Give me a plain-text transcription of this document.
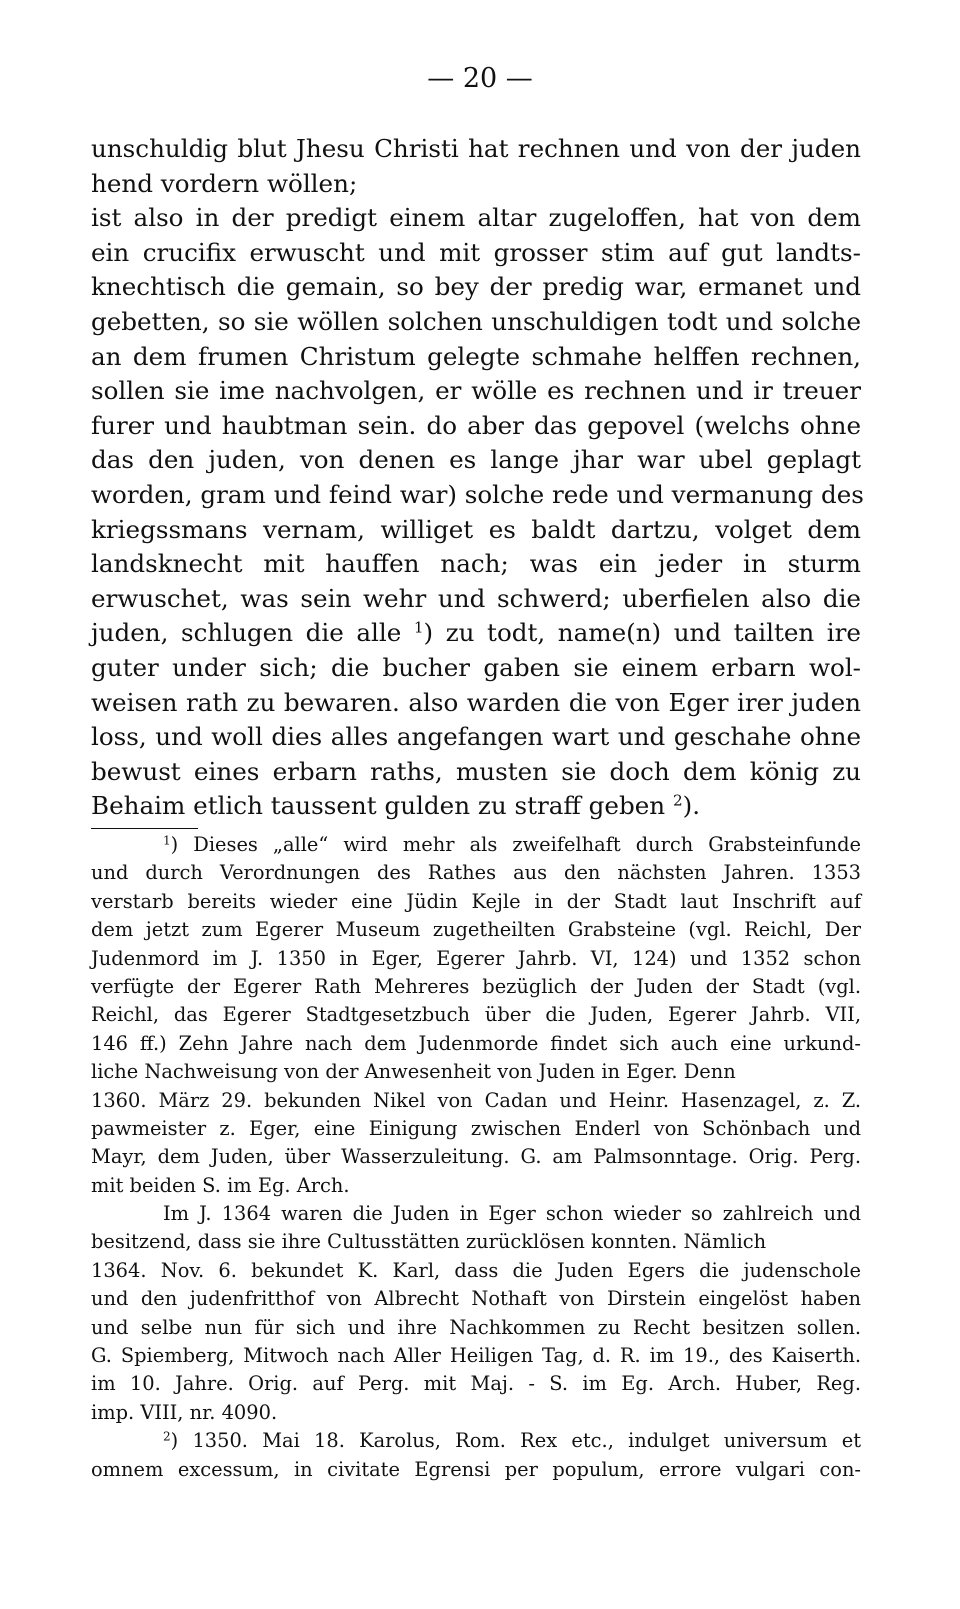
— 20 —
unschuldig blut Jhesu Christi hat rechnen und von der juden
hend vordern wöllen;
ist also in der predigt einem altar zugeloffen, hat von dem
ein crucifix erwuscht und mit grosser stim auf gut landts-
knechtisch die gemain, so bey der predig war, ermanet und
gebetten, so sie wöllen solchen unschuldigen todt und solche
an dem frumen Christum gelegte schmahe helffen rechnen,
sollen sie ime nachvolgen, er wölle es rechnen und ir treuer
furer und haubtman sein. do aber das gepovel (welchs ohne
das den juden, von denen es lange jhar war ubel geplagt
worden, gram und feind war) solche rede und vermanung des
kriegssmans vernam, williget es baldt dartzu, volget dem
landsknecht mit hauffen nach; was ein jeder in sturm
erwuschet, was sein wehr und schwerd; uberfielen also die
juden, schlugen die alle $^1$) zu todt, name(n) und tailten ire
guter under sich; die bucher gaben sie einem erbarn wol-
weisen rath zu bewaren. also warden die von Eger irer juden
loss, und woll dies alles angefangen wart und geschahe ohne
bewust eines erbarn raths, musten sie doch dem könig zu
Behaim etlich taussent gulden zu straff geben $^2$).
$^1$) Dieses „alle“ wird mehr als zweifelhaft durch Grabsteinfunde
und durch Verordnungen des Rathes aus den nächsten Jahren. 1353
verstarb bereits wieder eine Jüdin Kejle in der Stadt laut Inschrift auf
dem jetzt zum Egerer Museum zugetheilten Grabsteine (vgl. Reichl, Der
Judenmord im J. 1350 in Eger, Egerer Jahrb. VI, 124) und 1352 schon
verfügte der Egerer Rath Mehreres bezüglich der Juden der Stadt (vgl.
Reichl, das Egerer Stadtgesetzbuch über die Juden, Egerer Jahrb. VII,
146 ff.) Zehn Jahre nach dem Judenmorde findet sich auch eine urkund-
liche Nachweisung von der Anwesenheit von Juden in Eger. Denn
1360. März 29. bekunden Nikel von Cadan und Heinr. Hasenzagel, z. Z.
pawmeister z. Eger, eine Einigung zwischen Enderl von Schönbach und
Mayr, dem Juden, über Wasserzuleitung. G. am Palmsonntage. Orig. Perg.
mit beiden S. im Eg. Arch.
Im J. 1364 waren die Juden in Eger schon wieder so zahlreich und
besitzend, dass sie ihre Cultusstätten zurücklösen konnten. Nämlich
1364. Nov. 6. bekundet K. Karl, dass die Juden Egers die judenschole
und den judenfritthof von Albrecht Nothaft von Dirstein eingelöst haben
und selbe nun für sich und ihre Nachkommen zu Recht besitzen sollen.
G. Spiemberg, Mitwoch nach Aller Heiligen Tag, d. R. im 19., des Kaiserth.
im 10. Jahre. Orig. auf Perg. mit Maj. - S. im Eg. Arch. Huber, Reg.
imp. VIII, nr. 4090.
$^2$) 1350. Mai 18. Karolus, Rom. Rex etc., indulget universum et
omnem excessum, in civitate Egrensi per populum, errore vulgari con-
